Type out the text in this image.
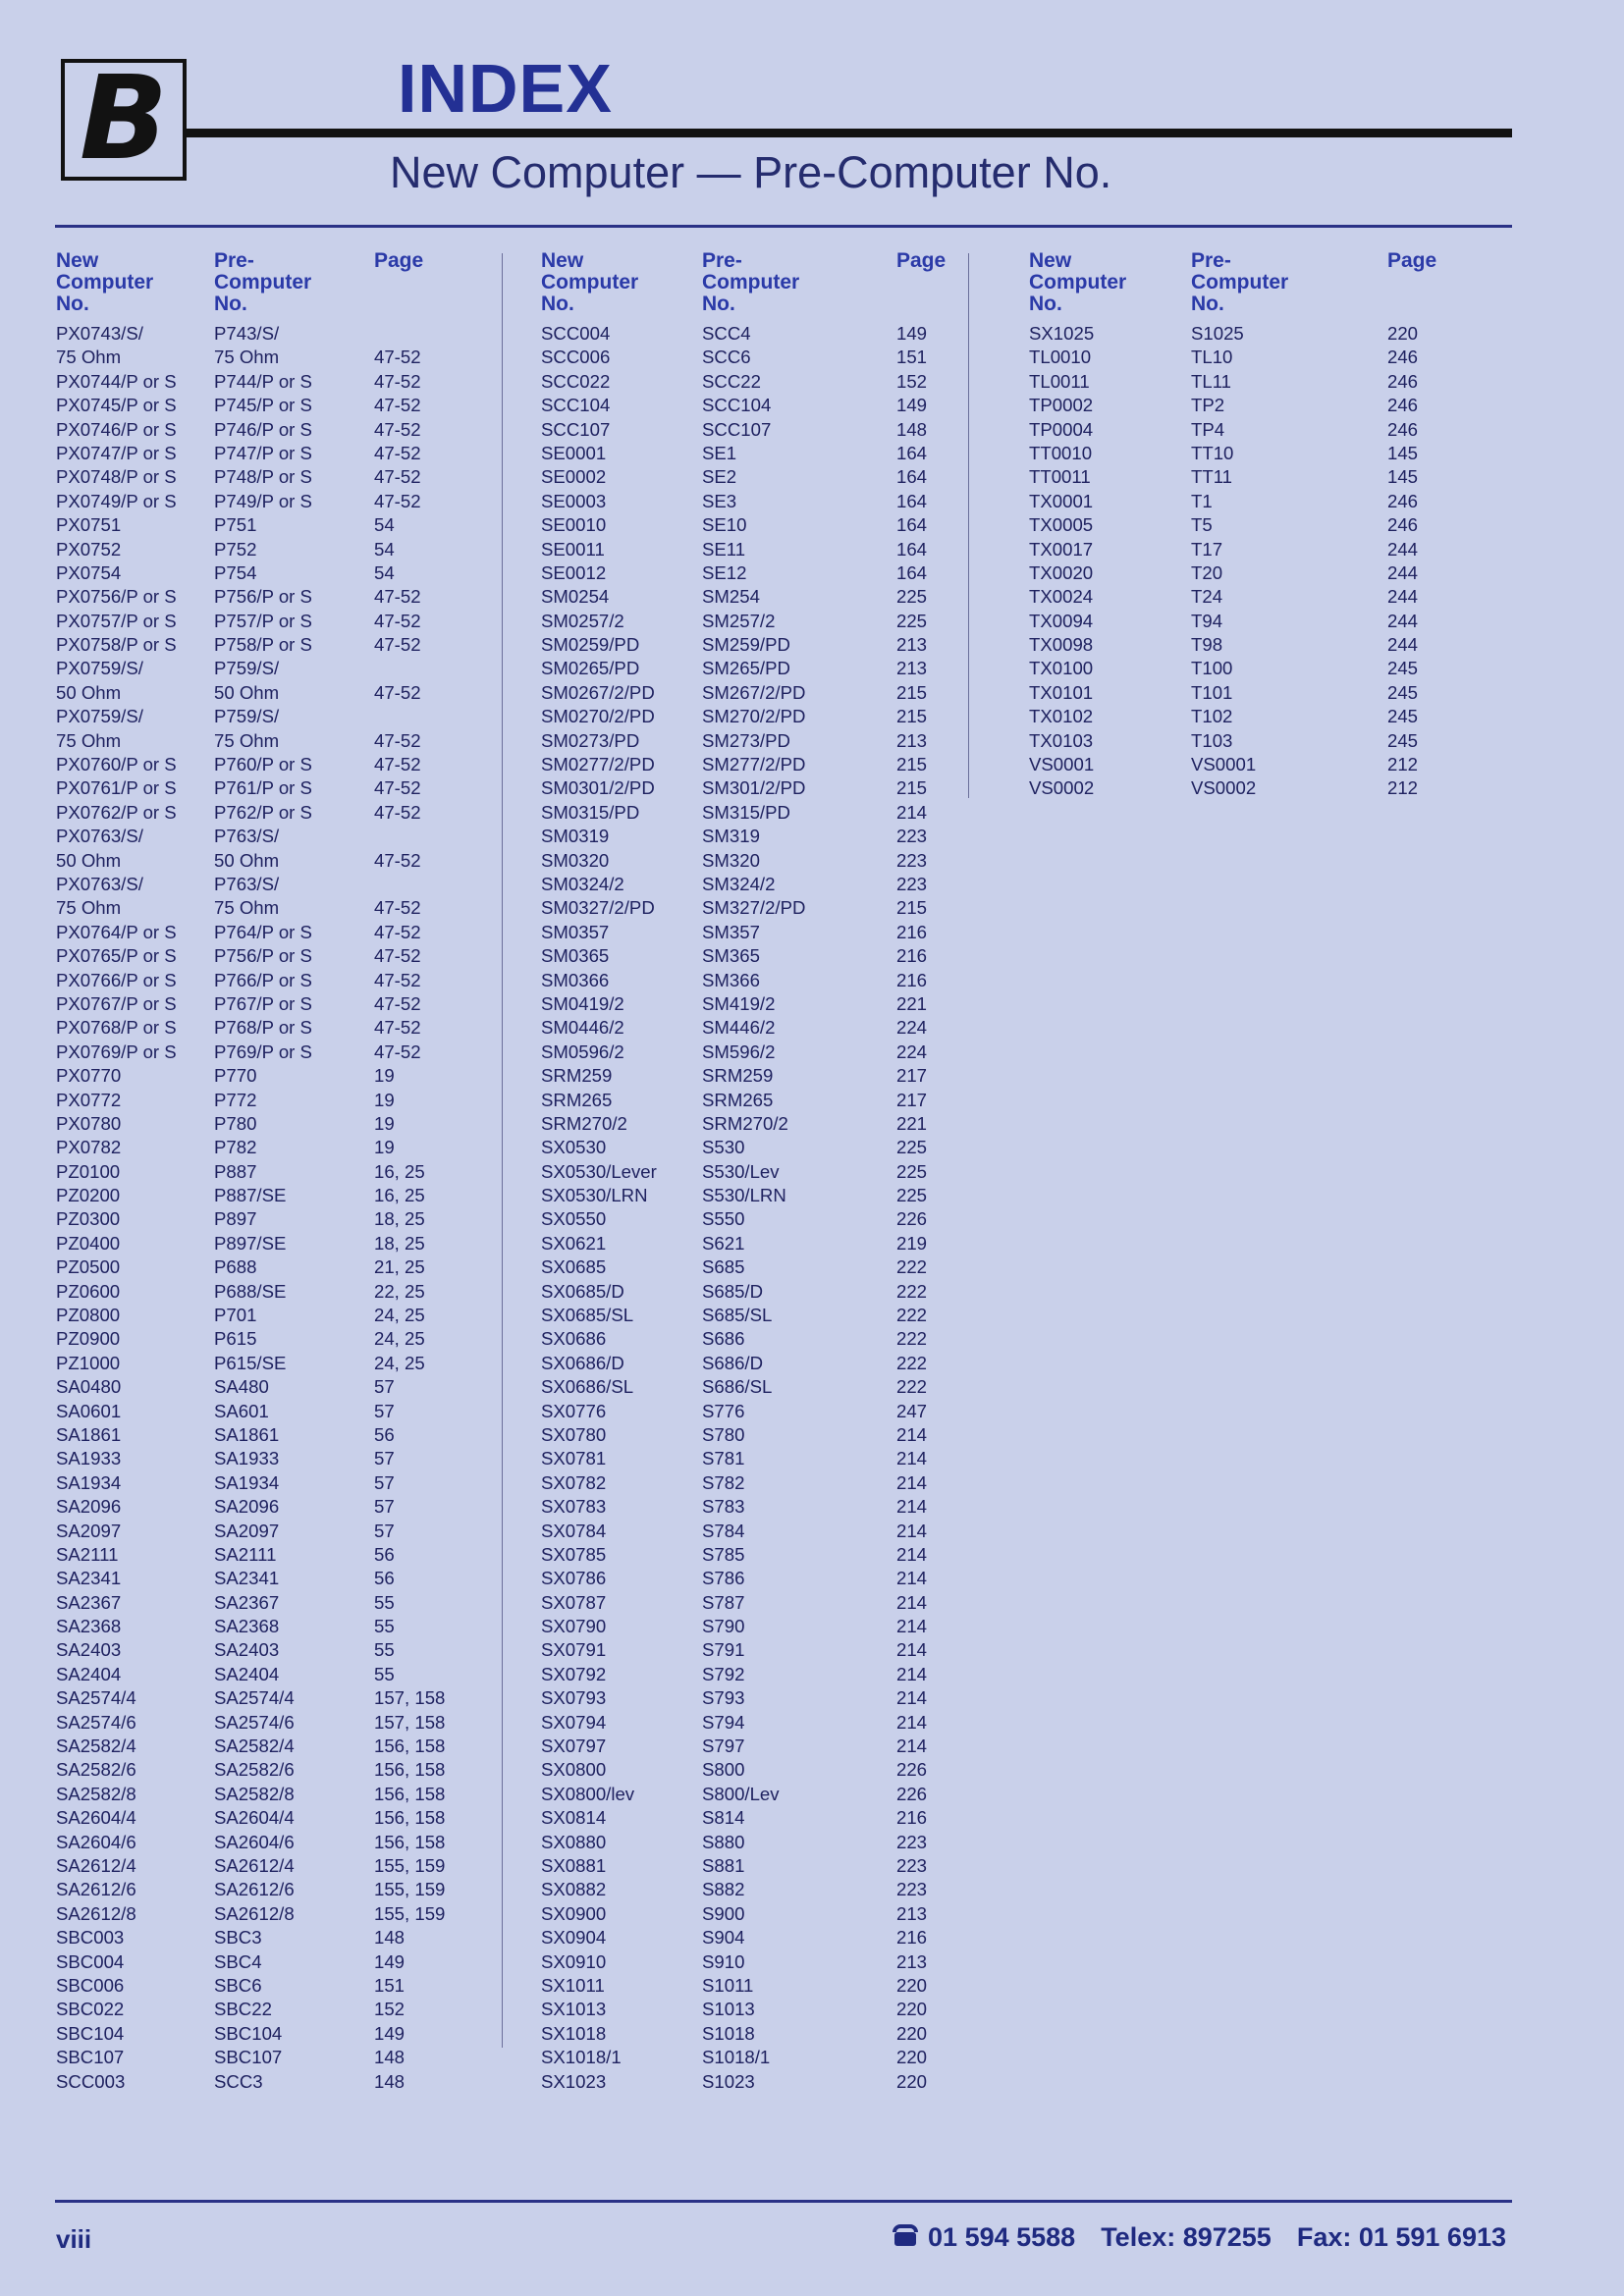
B	INDEX
New Computer — Pre-Computer No.
New
Computer
No.
Pre-
Computer
No.
Page
PX0743/S/	P743/S/
75 Ohm	75 Ohm	47-52
PX0744/P or S	P744/P or S	47-52
PX0745/P or S	P745/P or S	47-52
PX0746/P or S	P746/P or S	47-52
PX0747/P or S	P747/P or S	47-52
PX0748/P or S	P748/P or S	47-52
PX0749/P or S	P749/P or S	47-52
PX0751	P751	54
PX0752	P752	54
PX0754	P754	54
PX0756/P or S	P756/P or S	47-52
PX0757/P or S	P757/P or S	47-52
PX0758/P or S	P758/P or S	47-52
PX0759/S/	P759/S/
50 Ohm	50 Ohm	47-52
PX0759/S/	P759/S/
75 Ohm	75 Ohm	47-52
PX0760/P or S	P760/P or S	47-52
PX0761/P or S	P761/P or S	47-52
PX0762/P or S	P762/P or S	47-52
PX0763/S/	P763/S/
50 Ohm	50 Ohm	47-52
PX0763/S/	P763/S/
75 Ohm	75 Ohm	47-52
PX0764/P or S	P764/P or S	47-52
PX0765/P or S	P756/P or S	47-52
PX0766/P or S	P766/P or S	47-52
PX0767/P or S	P767/P or S	47-52
PX0768/P or S	P768/P or S	47-52
PX0769/P or S	P769/P or S	47-52
PX0770	P770	19
PX0772	P772	19
PX0780	P780	19
PX0782	P782	19
PZ0100	P887	16, 25
PZ0200	P887/SE	16, 25
PZ0300	P897	18, 25
PZ0400	P897/SE	18, 25
PZ0500	P688	21, 25
PZ0600	P688/SE	22, 25
PZ0800	P701	24, 25
PZ0900	P615	24, 25
PZ1000	P615/SE	24, 25
SA0480	SA480	57
SA0601	SA601	57
SA1861	SA1861	56
SA1933	SA1933	57
SA1934	SA1934	57
SA2096	SA2096	57
SA2097	SA2097	57
SA2111	SA2111	56
SA2341	SA2341	56
SA2367	SA2367	55
SA2368	SA2368	55
SA2403	SA2403	55
SA2404	SA2404	55
SA2574/4	SA2574/4	157, 158
SA2574/6	SA2574/6	157, 158
SA2582/4	SA2582/4	156, 158
SA2582/6	SA2582/6	156, 158
SA2582/8	SA2582/8	156, 158
SA2604/4	SA2604/4	156, 158
SA2604/6	SA2604/6	156, 158
SA2612/4	SA2612/4	155, 159
SA2612/6	SA2612/6	155, 159
SA2612/8	SA2612/8	155, 159
SBC003	SBC3	148
SBC004	SBC4	149
SBC006	SBC6	151
SBC022	SBC22	152
SBC104	SBC104	149
SBC107	SBC107	148
SCC003	SCC3	148
New
Computer
No.
Pre-
Computer
No.
Page
SCC004	SCC4	149
SCC006	SCC6	151
SCC022	SCC22	152
SCC104	SCC104	149
SCC107	SCC107	148
SE0001	SE1	164
SE0002	SE2	164
SE0003	SE3	164
SE0010	SE10	164
SE0011	SE11	164
SE0012	SE12	164
SM0254	SM254	225
SM0257/2	SM257/2	225
SM0259/PD	SM259/PD	213
SM0265/PD	SM265/PD	213
SM0267/2/PD	SM267/2/PD	215
SM0270/2/PD	SM270/2/PD	215
SM0273/PD	SM273/PD	213
SM0277/2/PD	SM277/2/PD	215
SM0301/2/PD	SM301/2/PD	215
SM0315/PD	SM315/PD	214
SM0319	SM319	223
SM0320	SM320	223
SM0324/2	SM324/2	223
SM0327/2/PD	SM327/2/PD	215
SM0357	SM357	216
SM0365	SM365	216
SM0366	SM366	216
SM0419/2	SM419/2	221
SM0446/2	SM446/2	224
SM0596/2	SM596/2	224
SRM259	SRM259	217
SRM265	SRM265	217
SRM270/2	SRM270/2	221
SX0530	S530	225
SX0530/Lever	S530/Lev	225
SX0530/LRN	S530/LRN	225
SX0550	S550	226
SX0621	S621	219
SX0685	S685	222
SX0685/D	S685/D	222
SX0685/SL	S685/SL	222
SX0686	S686	222
SX0686/D	S686/D	222
SX0686/SL	S686/SL	222
SX0776	S776	247
SX0780	S780	214
SX0781	S781	214
SX0782	S782	214
SX0783	S783	214
SX0784	S784	214
SX0785	S785	214
SX0786	S786	214
SX0787	S787	214
SX0790	S790	214
SX0791	S791	214
SX0792	S792	214
SX0793	S793	214
SX0794	S794	214
SX0797	S797	214
SX0800	S800	226
SX0800/lev	S800/Lev	226
SX0814	S814	216
SX0880	S880	223
SX0881	S881	223
SX0882	S882	223
SX0900	S900	213
SX0904	S904	216
SX0910	S910	213
SX1011	S1011	220
SX1013	S1013	220
SX1018	S1018	220
SX1018/1	S1018/1	220
SX1023	S1023	220
New
Computer
No.
Pre-
Computer
No.
Page
SX1025	S1025	220
TL0010	TL10	246
TL0011	TL11	246
TP0002	TP2	246
TP0004	TP4	246
TT0010	TT10	145
TT0011	TT11	145
TX0001	T1	246
TX0005	T5	246
TX0017	T17	244
TX0020	T20	244
TX0024	T24	244
TX0094	T94	244
TX0098	T98	244
TX0100	T100	245
TX0101	T101	245
TX0102	T102	245
TX0103	T103	245
VS0001	VS0001	212
VS0002	VS0002	212
viii	01 594 5588 Telex: 897255 Fax: 01 591 6913
